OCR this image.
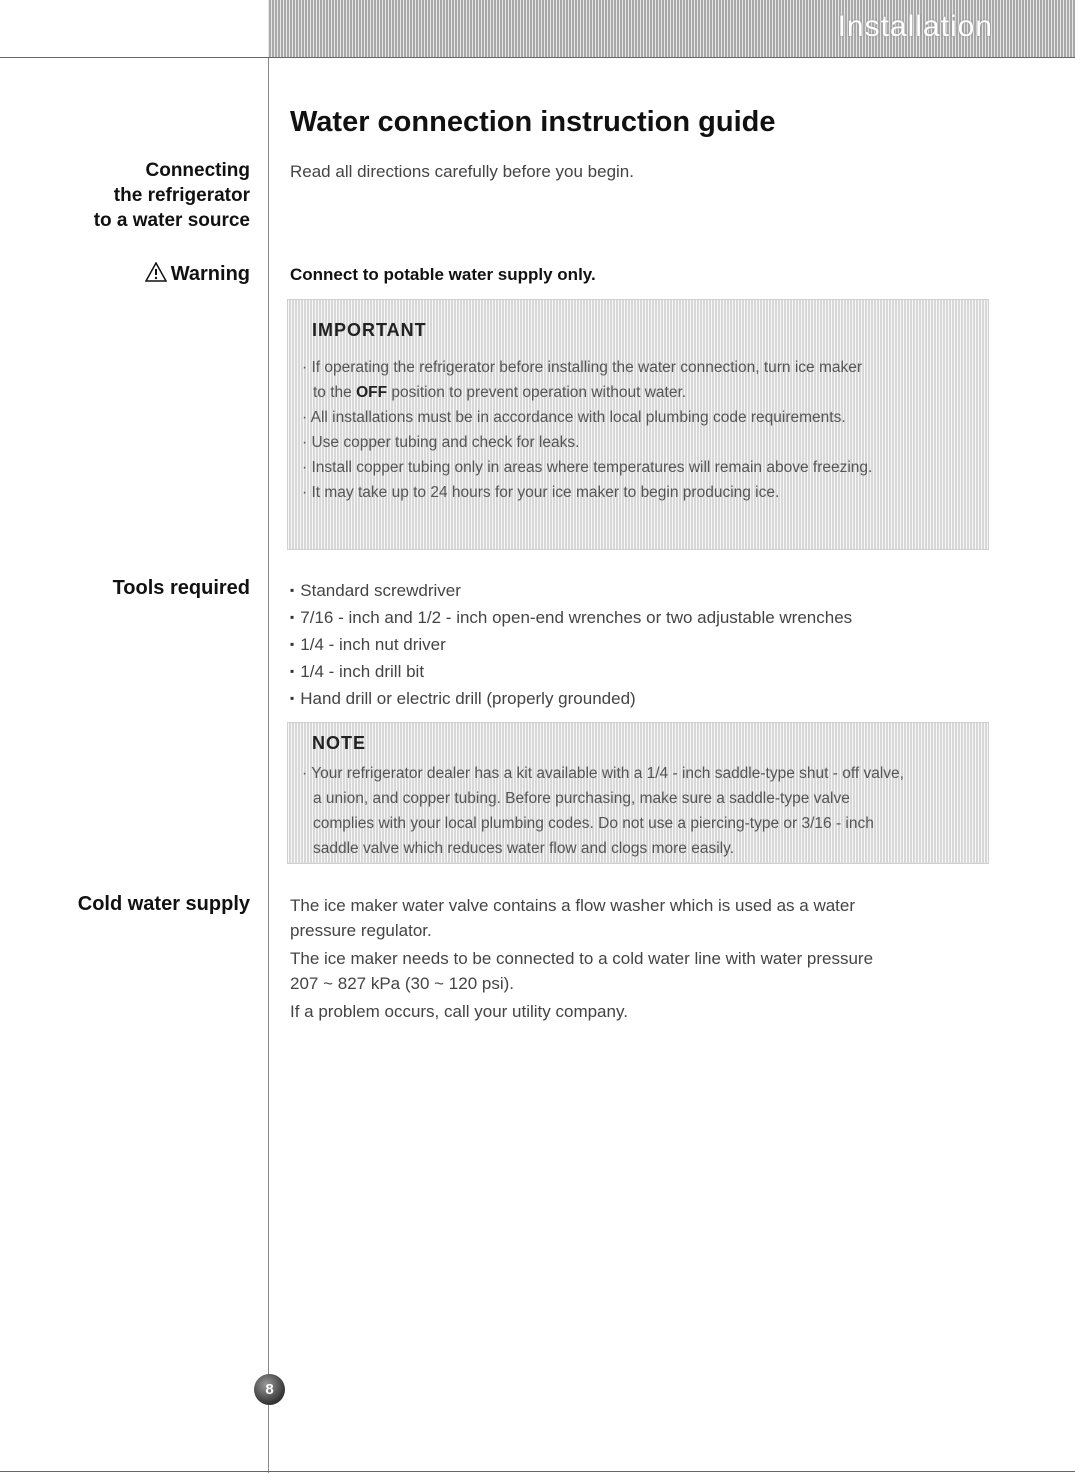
Installation
Water connection instruction guide
Connecting
the refrigerator
to a water source
Warning
Tools required
Cold water supply
Read all directions carefully before you begin.
Connect to potable water supply only.
IMPORTANT

· If operating the refrigerator before installing the water connection, turn ice maker

to the OFF position to prevent operation without water.

· All installations must be in accordance with local plumbing code requirements.

· Use copper tubing and check for leaks.

· Install copper tubing only in areas where temperatures will remain above freezing.

· It may take up to 24 hours for your ice maker to begin producing ice.

▪ Standard screwdriver
▪ 7/16 - inch and 1/2 - inch open-end wrenches or two adjustable wrenches
▪ 1/4 - inch nut driver
▪ 1/4 - inch drill bit
▪ Hand drill or electric drill (properly grounded)
NOTE

· Your refrigerator dealer has a kit available with a 1/4 - inch saddle-type shut - off valve,

a union, and copper tubing. Before purchasing, make sure a saddle-type valve

complies with your local plumbing codes. Do not use a piercing-type or 3/16 - inch

saddle valve which reduces water flow and clogs more easily.

The ice maker water valve contains a flow washer which is used as a water
pressure regulator.

The ice maker needs to be connected to a cold water line with water pressure
207 ~ 827 kPa (30 ~ 120 psi).

If a problem occurs, call your utility company.

8
